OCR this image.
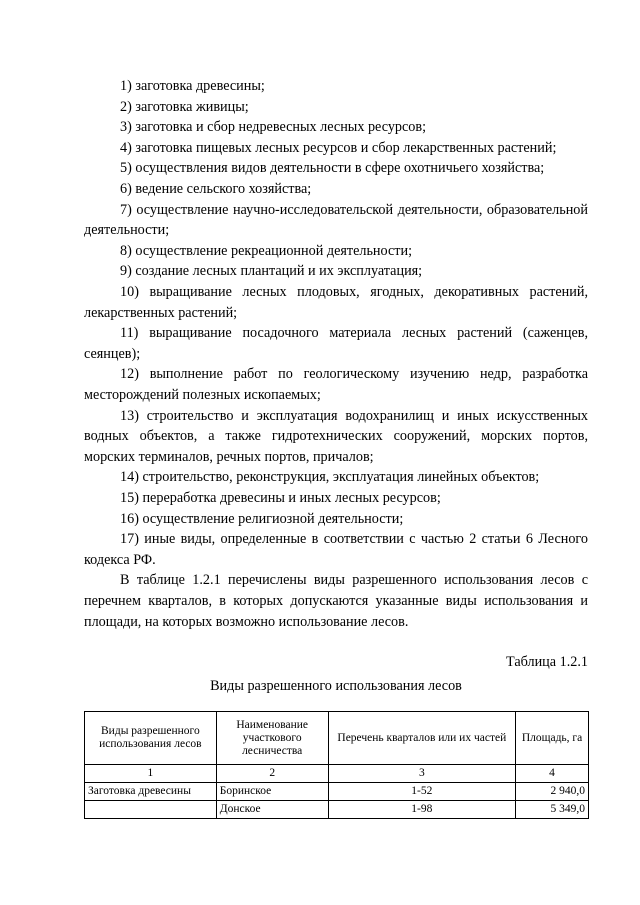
1) заготовка древесины;

2) заготовка живицы;

3) заготовка и сбор недревесных лесных ресурсов;

4) заготовка пищевых лесных ресурсов и сбор лекарственных растений;

5) осуществления видов деятельности в сфере охотничьего хозяйства;

6) ведение сельского хозяйства;

7) осуществление научно-исследовательской деятельности, образовательной деятельности;

8) осуществление рекреационной деятельности;

9) создание лесных плантаций и их эксплуатация;

10) выращивание лесных плодовых, ягодных, декоративных растений, лекарственных растений;

11) выращивание посадочного материала лесных растений (саженцев, сеянцев);

12) выполнение работ по геологическому изучению недр, разработка месторождений полезных ископаемых;

13) строительство и эксплуатация водохранилищ и иных искусственных водных объектов, а также гидротехнических сооружений, морских портов, морских терминалов, речных портов, причалов;

14) строительство, реконструкция, эксплуатация линейных объектов;

15) переработка древесины и иных лесных ресурсов;

16) осуществление религиозной деятельности;

17) иные виды, определенные в соответствии с частью 2 статьи 6 Лесного кодекса РФ.

В таблице 1.2.1 перечислены виды разрешенного использования лесов с перечнем кварталов, в которых допускаются указанные виды использования и площади, на которых возможно использование лесов.

Таблица 1.2.1
Виды разрешенного использования лесов
Виды разрешенного использования лесов	Наименование участкового лесничества	Перечень кварталов или их частей	Площадь, га
1	2	3	4
Заготовка древесины	Боринское	1-52	2 940,0
	Донское	1-98	5 349,0
